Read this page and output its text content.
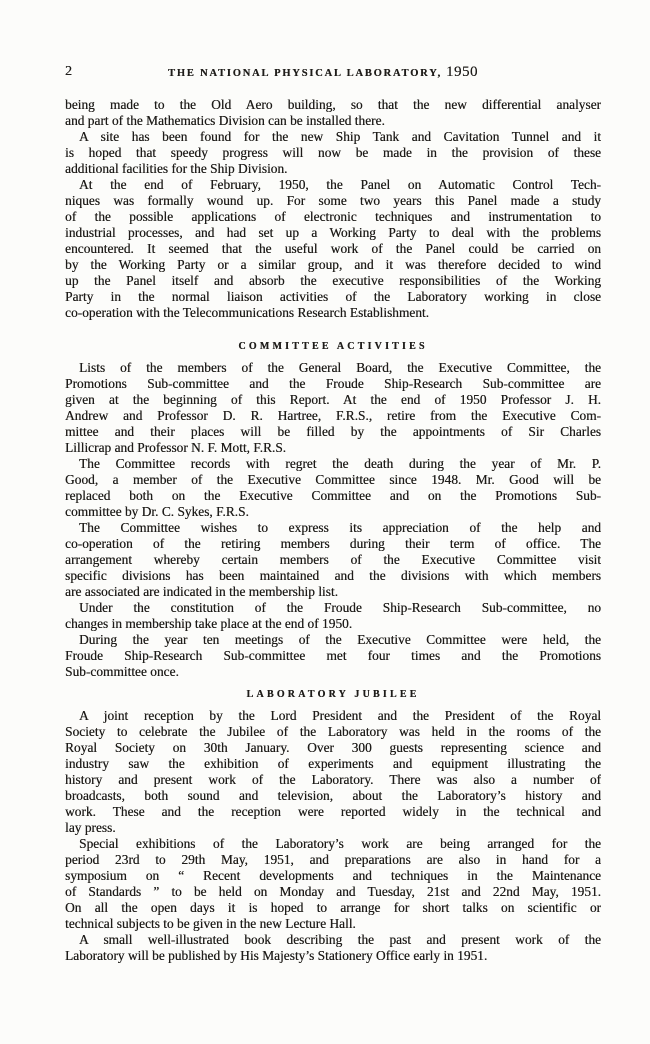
2	THE NATIONAL PHYSICAL LABORATORY, 1950
being made to the Old Aero building, so that the new differential analyser
and part of the Mathematics Division can be installed there.
A site has been found for the new Ship Tank and Cavitation Tunnel and it
is hoped that speedy progress will now be made in the provision of these
additional facilities for the Ship Division.
At the end of February, 1950, the Panel on Automatic Control Tech-
niques was formally wound up. For some two years this Panel made a study
of the possible applications of electronic techniques and instrumentation to
industrial processes, and had set up a Working Party to deal with the problems
encountered. It seemed that the useful work of the Panel could be carried on
by the Working Party or a similar group, and it was therefore decided to wind
up the Panel itself and absorb the executive responsibilities of the Working
Party in the normal liaison activities of the Laboratory working in close
co-operation with the Telecommunications Research Establishment.
COMMITTEE ACTIVITIES
Lists of the members of the General Board, the Executive Committee, the
Promotions Sub-committee and the Froude Ship-Research Sub-committee are
given at the beginning of this Report. At the end of 1950 Professor J. H.
Andrew and Professor D. R. Hartree, F.R.S., retire from the Executive Com-
mittee and their places will be filled by the appointments of Sir Charles
Lillicrap and Professor N. F. Mott, F.R.S.
The Committee records with regret the death during the year of Mr. P.
Good, a member of the Executive Committee since 1948. Mr. Good will be
replaced both on the Executive Committee and on the Promotions Sub-
committee by Dr. C. Sykes, F.R.S.
The Committee wishes to express its appreciation of the help and
co-operation of the retiring members during their term of office. The
arrangement whereby certain members of the Executive Committee visit
specific divisions has been maintained and the divisions with which members
are associated are indicated in the membership list.
Under the constitution of the Froude Ship-Research Sub-committee, no
changes in membership take place at the end of 1950.
During the year ten meetings of the Executive Committee were held, the
Froude Ship-Research Sub-committee met four times and the Promotions
Sub-committee once.
LABORATORY JUBILEE
A joint reception by the Lord President and the President of the Royal
Society to celebrate the Jubilee of the Laboratory was held in the rooms of the
Royal Society on 30th January. Over 300 guests representing science and
industry saw the exhibition of experiments and equipment illustrating the
history and present work of the Laboratory. There was also a number of
broadcasts, both sound and television, about the Laboratory’s history and
work. These and the reception were reported widely in the technical and
lay press.
Special exhibitions of the Laboratory’s work are being arranged for the
period 23rd to 29th May, 1951, and preparations are also in hand for a
symposium on “ Recent developments and techniques in the Maintenance
of Standards ” to be held on Monday and Tuesday, 21st and 22nd May, 1951.
On all the open days it is hoped to arrange for short talks on scientific or
technical subjects to be given in the new Lecture Hall.
A small well-illustrated book describing the past and present work of the
Laboratory will be published by His Majesty’s Stationery Office early in 1951.
